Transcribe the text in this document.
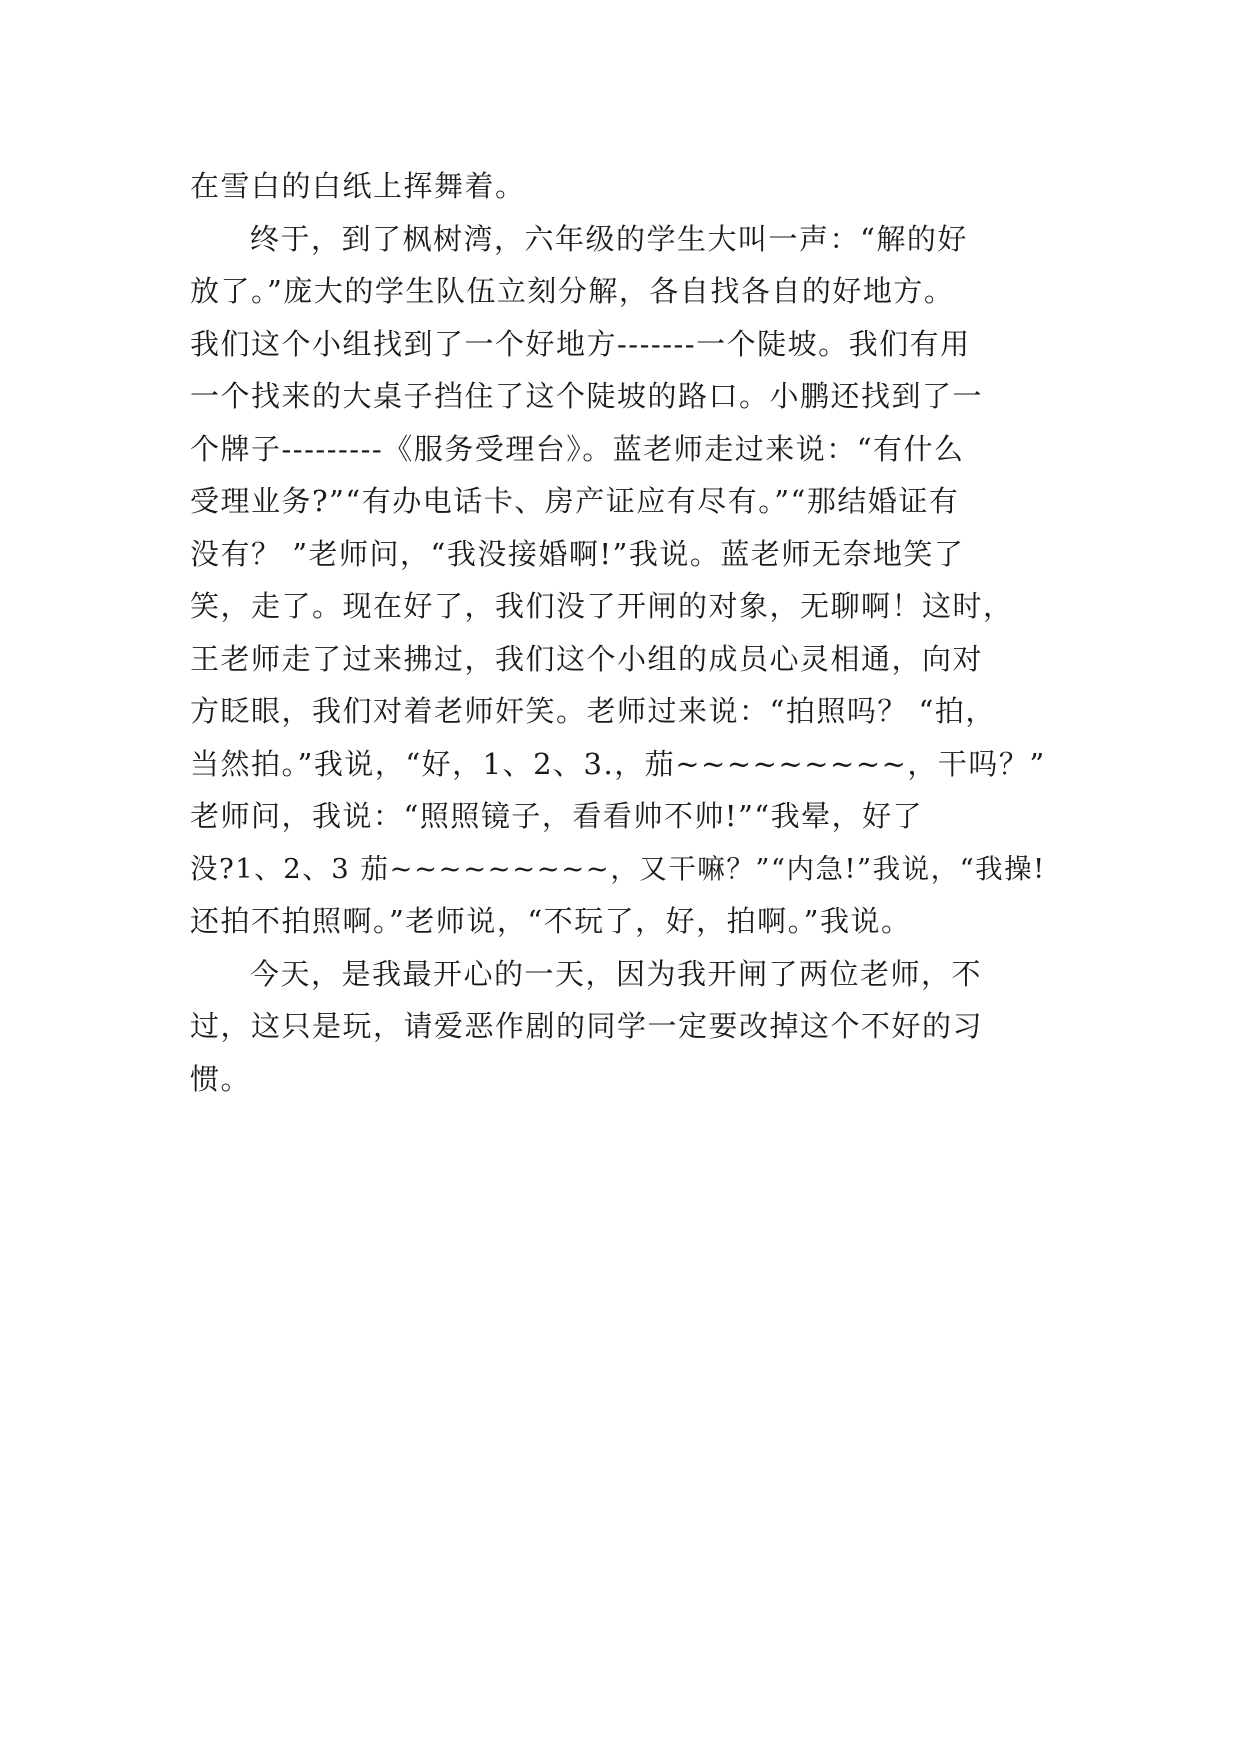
在雪白的白纸上挥舞着。
终于，到了枫树湾，六年级的学生大叫一声：“解的好
放了。”庞大的学生队伍立刻分解，各自找各自的好地方。
我们这个小组找到了一个好地方-------一个陡坡。我们有用
一个找来的大桌子挡住了这个陡坡的路口。小鹏还找到了一
个牌子---------《服务受理台》。蓝老师走过来说：“有什么
受理业务?”“有办电话卡、房产证应有尽有。”“那结婚证有
没有？ ”老师问，“我没接婚啊!”我说。蓝老师无奈地笑了
笑，走了。现在好了，我们没了开闸的对象，无聊啊！这时，
王老师走了过来拂过，我们这个小组的成员心灵相通，向对
方眨眼，我们对着老师奸笑。老师过来说：“拍照吗？ “拍，
当然拍。”我说，“好，1、2、3.，茄~~~~~~~~~，干吗？”
老师问，我说：“照照镜子，看看帅不帅!”“我晕，好了
没?1、2、3 茄~~~~~~~~~，又干嘛？”“内急!”我说，“我操!
还拍不拍照啊。”老师说，“不玩了，好，拍啊。”我说。
今天，是我最开心的一天，因为我开闸了两位老师，不
过，这只是玩，请爱恶作剧的同学一定要改掉这个不好的习
惯。
